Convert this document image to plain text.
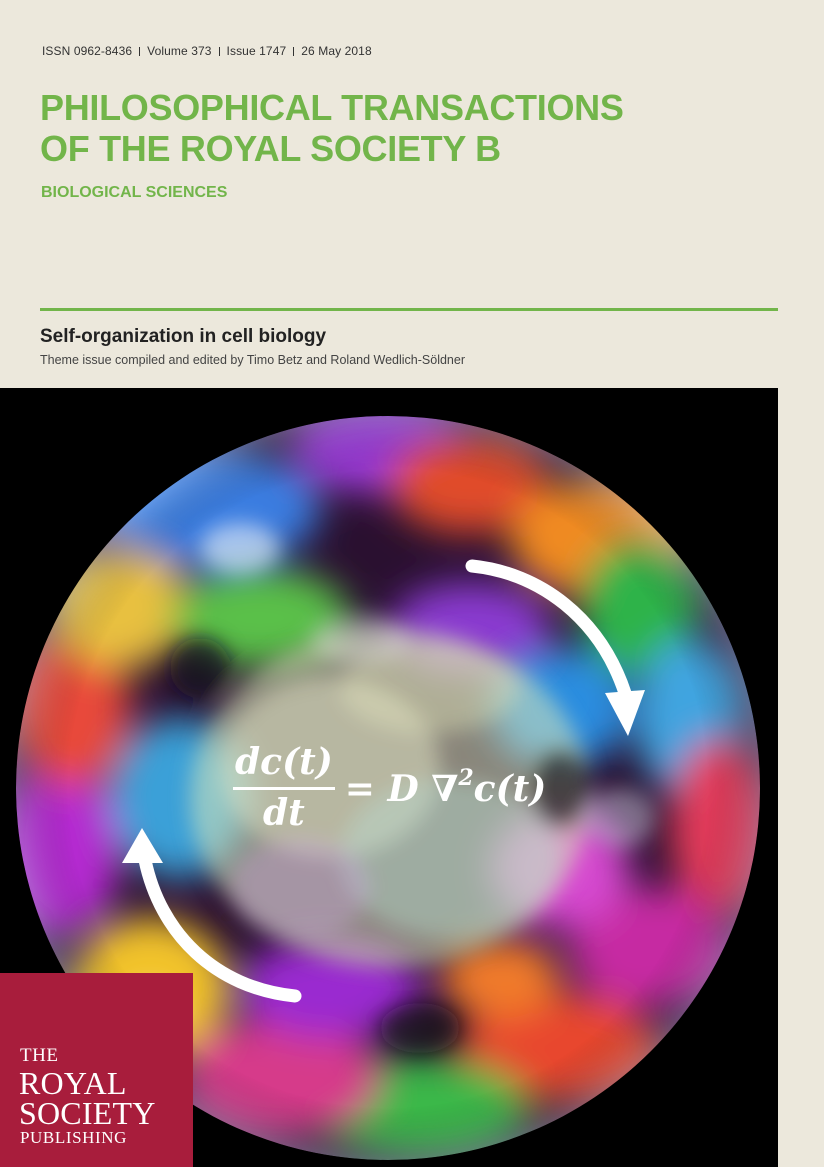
ISSN 0962-8436 Volume 373 Issue 1747 26 May 2018
PHILOSOPHICAL TRANSACTIONS
OF THE ROYAL SOCIETY B
BIOLOGICAL SCIENCES
Self-organization in cell biology
Theme issue compiled and edited by Timo Betz and Roland Wedlich-Söldner
$\frac{dc(t)}{dt} = D$ ∇$^2$c(t)
THE
ROYAL
SOCIETY
PUBLISHING
